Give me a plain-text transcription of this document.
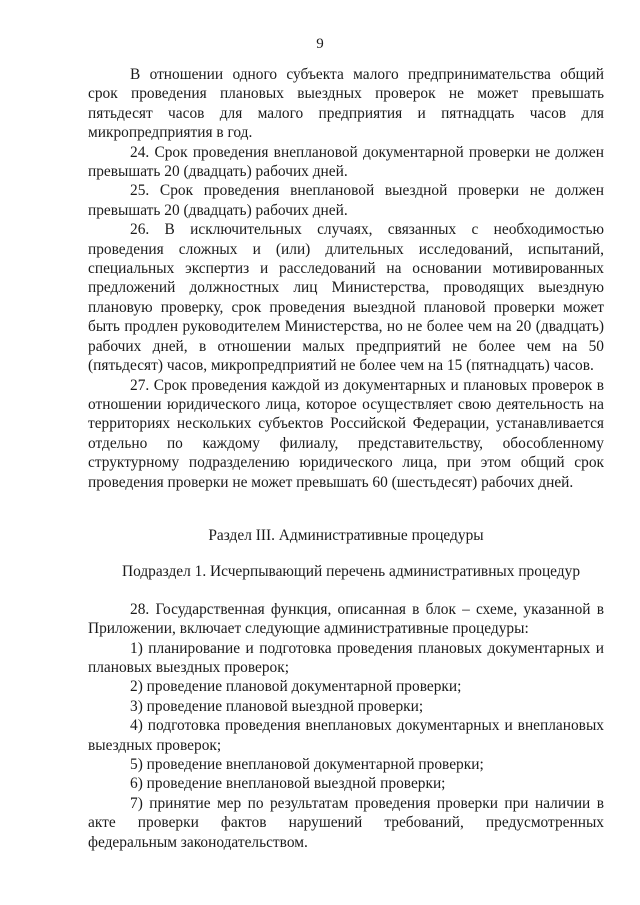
9

В отношении одного субъекта малого предпринимательства общий срок проведения плановых выездных проверок не может превышать пятьдесят часов для малого предприятия и пятнадцать часов для микропредприятия в год.

24. Срок проведения внеплановой документарной проверки не должен превышать 20 (двадцать) рабочих дней.

25. Срок проведения внеплановой выездной проверки не должен превышать 20 (двадцать) рабочих дней.

26. В исключительных случаях, связанных с необходимостью проведения сложных и (или) длительных исследований, испытаний, специальных экспертиз и расследований на основании мотивированных предложений должностных лиц Министерства, проводящих выездную плановую проверку, срок проведения выездной плановой проверки может быть продлен руководителем Министерства, но не более чем на 20 (двадцать) рабочих дней, в отношении малых предприятий не более чем на 50 (пятьдесят) часов, микропредприятий не более чем на 15 (пятнадцать) часов.

27. Срок проведения каждой из документарных и плановых проверок в отношении юридического лица, которое осуществляет свою деятельность на территориях нескольких субъектов Российской Федерации, устанавливается отдельно по каждому филиалу, представительству, обособленному структурному подразделению юридического лица, при этом общий срок проведения проверки не может превышать 60 (шестьдесят) рабочих дней.

Раздел III. Административные процедуры

Подраздел 1. Исчерпывающий перечень административных процедур

28. Государственная функция, описанная в блок – схеме, указанной в Приложении, включает следующие административные процедуры:

1) планирование и подготовка проведения плановых документарных и плановых выездных проверок;

2) проведение плановой документарной проверки;

3) проведение плановой выездной проверки;

4) подготовка проведения внеплановых документарных и внеплановых выездных проверок;

5) проведение внеплановой документарной проверки;

6) проведение внеплановой выездной проверки;

7) принятие мер по результатам проведения проверки при наличии в акте проверки фактов нарушений требований, предусмотренных федеральным законодательством.
